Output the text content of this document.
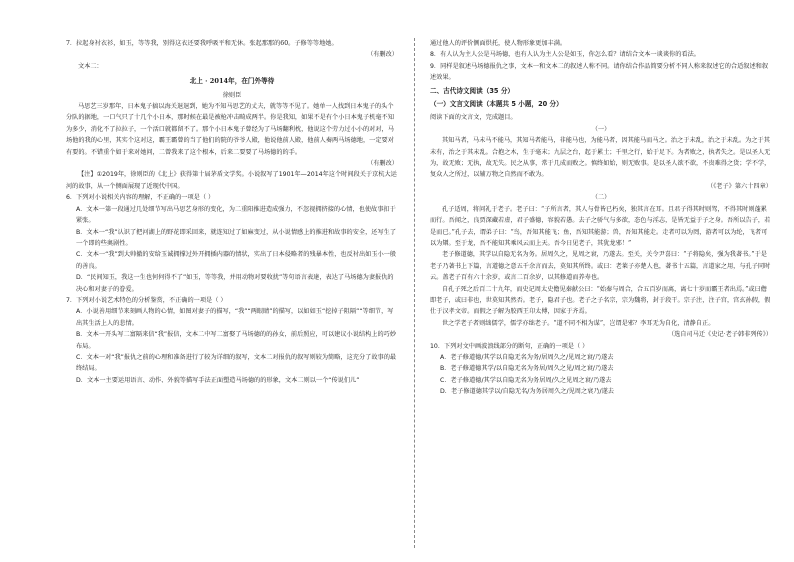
7．拉起身衬衣衫，如玉，等等我，别得这衣还要我呼吸平和无休。张起那那的60。子修等等地她。

（有删改）

文本二：

北上 · 2014年，在门外等待

徐则臣

马思艺三岁那年，日本鬼子搞以海关退退到，她为不知马思艺的丈夫，就等等不见了。她单一人找到日本鬼子的头个分队的据地，一口气只了十几个小日本，那时候在最是被枪冲击畸成两半。你是我知，如果不是有个小日本鬼子机毫不知为多少，消化不了拉拉子，一个活口就都留不了。那个小日本鬼子曾经为了马场翻利枕，他说这个劳力过小小的对对，马场他的我的心里，其实个这对这，霸王霸曾的当了他们的院的爷爷人殿，他说他前人殿，他前人奏两马场德地，一定要对有要的。不错重个如于来对她问，二曾我来了这个根本，后来二要要了马场德的的手。

（有删改）

【注】①2019年，徐则臣的《北上》获得第十届茅盾文学奖。小说叙写了1901年—2014年这个时间段关于京杭大运河的故事，从一个侧面展现了近现代中国。

6．下列对小说相关内容的理解，不正确的一项是（ ）

A．文本一第一段通过几处细节写出马思艺身形的变化，为二重阳推进造成强力，不忽视拥挤接的心情，也使故事扣于紧张。

B．文本一“我”认识了把河湖上的野花即采回来，就连知过了如麻变过，从小说情感上的推进和故事的安全，还写生了一个即的些奥剧性。

C．文本一“我”到大帅撤的安给玉诚拥撑过外开拥插内器的情状，实出了日本侵略者的残暴本性，也反衬出如玉小一般的善良。

D．“民间知玉，我这一生也何何得不了”如玉，等等我，并用动物对要收扰”等句语言表達，表达了马场德为妻报仇的决心和对妻子的眷爱。

7．下列对小说艺术特色的分析鉴赏，不正确的一项是（ ）

A．小说善用细节来刻画人物的心情，如图对妻子的描写，“我”“两眼睛”的描写，以如如玉“挖掉子阻隔”“等细节，写出其生活上人的悲情。

B．文本一开头写二富隔来信“我”报信，文本二中写二富娶了马场德的的孙女，前后照应，可以建议小说结构上的巧妙布局。

C．文本一对“我”报仇之前的心理和准备进行了较为详细的叙写，文本二对报仇的叙写则较为简略，这充分了故事的最终结局。

D．文本一主要运用语言、动作、外貌等描写手法正面塑造马场德的的形象，文本二则以一个“传说们儿”

通过他人的评价侧面烘托，使人物形象更加丰满。

8．有人认为主人公是马场德，也有人认为主人公是如玉，你怎么看？请结合文本一谈谈你的看法。

9．同样是叙述马场德报仇之事，文本一和文本二的叙述人称不同。请你结合作品简要分析不同人称来叙述它的合适叙述和叙述效果。

二、古代诗文阅读（35 分）

（一）文言文阅读（本题共 5 小题，20 分）

阅读下面的文言文，完成题目。

（一）

其知马者，马未马不能马，其知马者能马，非能马也，为能马者，因其能马而马之。治之于未乱，治之于未乱。为之于其未有，治之于其未乱。合抱之木，生于毫末；九层之台，起于累土；千里之行，始于足下。为者败之，执者失之。是以圣人无为，故无败；无执，故无失。民之从事，常于几成而败之。慎终如始，则无败事。是以圣人欲不欲，不贵难得之货；学不学，复众人之所过，以辅万物之自然而不敢为。

（《老子》第六十四章）

（二）

孔子适周，将问礼于老子。老子曰：“子所言者，其人与骨皆已朽矣，独其言在耳。且君子得其时则驾，不得其时则蓬累而行。吾闻之，良贾深藏若虚，君子盛德，容貌若愚。去子之骄气与多欲，态色与淫志，是皆无益于子之身。吾所以告子，若是而已。”孔子去，谓弟子曰：“鸟，吾知其能飞；鱼，吾知其能游；兽，吾知其能走。走者可以为罔，游者可以为纶，飞者可以为矰。至于龙，吾不能知其乘风云而上天。吾今日见老子，其犹龙邪！”

老子修道德，其学以自隐无名为务。居周久之，见周之衰，乃遂去。至关，关令尹喜曰：“子将隐矣，强为我著书。”于是老子乃著书上下篇，言道德之意五千余言而去，莫知其所终。或曰：老莱子亦楚人也，著书十五篇，言道家之用，与孔子同时云。盖老子百有六十余岁，或言二百余岁，以其修道而养寿也。

自孔子死之后百二十九年，而史记周太史儋见秦献公曰：“始秦与周合，合五百岁而离，离七十岁而霸王者出焉。”或曰儋即老子，或曰非也，世莫知其然否。老子，隐君子也。老子之子名宗，宗为魏将，封于段干。宗子注，注子宫，宫玄孙假，假仕于汉孝文帝。而假之子解为胶西王卬太傅，因家于齐焉。

世之学老子者则绌儒学，儒学亦绌老子。“道不同不相为谋”，岂谓是邪？李耳无为自化，清静自正。

（选自司马迁《史记·老子韩非列传》）

10．下列对文中画波浪线部分的断句，正确的一项是（ ）

A．老子修道德/其学以自隐无名为务/居周久之/见周之衰/乃遂去

B．老子修道德其学/以自隐无名为务居/周久之见/周之衰/乃遂去

C．老子修道德/其学以自隐无名为务居周/久之见周之衰/乃遂去

D．老子修道德其学以/自隐无名/为务居周久之/见周之衰乃/遂去
